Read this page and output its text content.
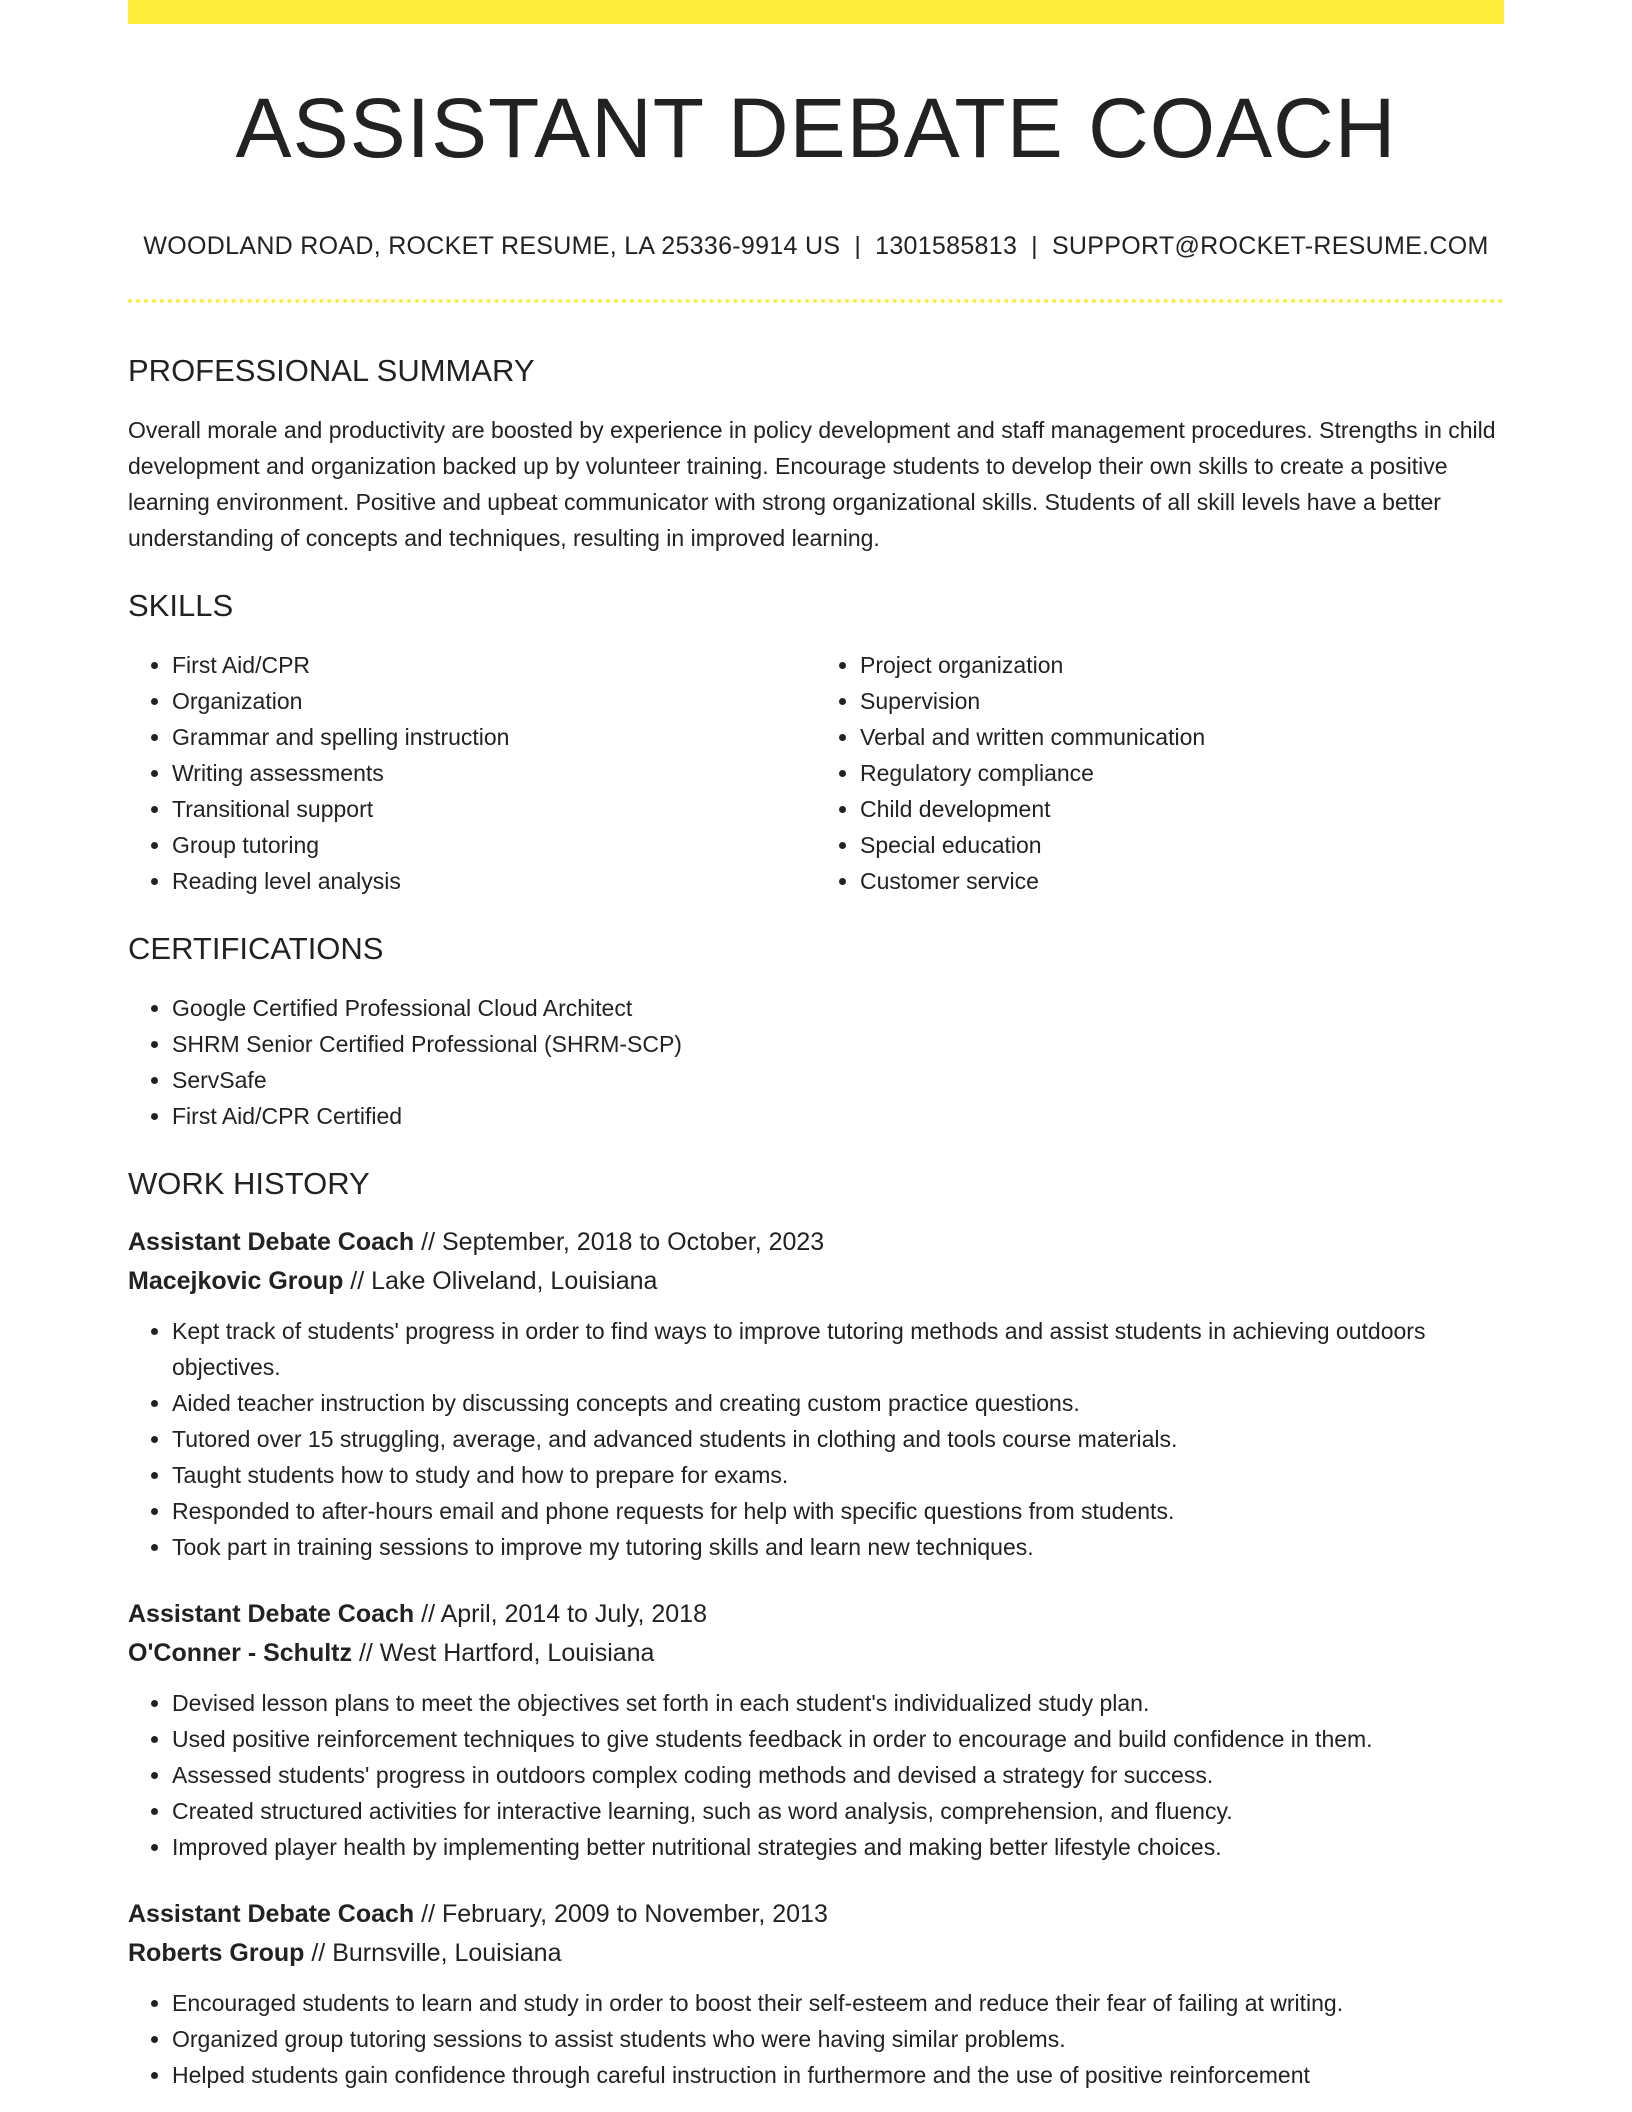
ASSISTANT DEBATE COACH
WOODLAND ROAD, ROCKET RESUME, LA 25336-9914 US | 1301585813 | SUPPORT@ROCKET-RESUME.COM
PROFESSIONAL SUMMARY

Overall morale and productivity are boosted by experience in policy development and staff management procedures. Strengths in child development and organization backed up by volunteer training. Encourage students to develop their own skills to create a positive learning environment. Positive and upbeat communicator with strong organizational skills. Students of all skill levels have a better understanding of concepts and techniques, resulting in improved learning.

SKILLS
• First Aid/CPR
• Organization
• Grammar and spelling instruction
• Writing assessments
• Transitional support
• Group tutoring
• Reading level analysis
• Project organization
• Supervision
• Verbal and written communication
• Regulatory compliance
• Child development
• Special education
• Customer service
CERTIFICATIONS
• Google Certified Professional Cloud Architect
• SHRM Senior Certified Professional (SHRM-SCP)
• ServSafe
• First Aid/CPR Certified
WORK HISTORY
Assistant Debate Coach // September, 2018 to October, 2023
Macejkovic Group // Lake Oliveland, Louisiana
• Kept track of students' progress in order to find ways to improve tutoring methods and assist students in achieving outdoors objectives.
• Aided teacher instruction by discussing concepts and creating custom practice questions.
• Tutored over 15 struggling, average, and advanced students in clothing and tools course materials.
• Taught students how to study and how to prepare for exams.
• Responded to after-hours email and phone requests for help with specific questions from students.
• Took part in training sessions to improve my tutoring skills and learn new techniques.
Assistant Debate Coach // April, 2014 to July, 2018
O'Conner - Schultz // West Hartford, Louisiana
• Devised lesson plans to meet the objectives set forth in each student's individualized study plan.
• Used positive reinforcement techniques to give students feedback in order to encourage and build confidence in them.
• Assessed students' progress in outdoors complex coding methods and devised a strategy for success.
• Created structured activities for interactive learning, such as word analysis, comprehension, and fluency.
• Improved player health by implementing better nutritional strategies and making better lifestyle choices.
Assistant Debate Coach // February, 2009 to November, 2013
Roberts Group // Burnsville, Louisiana
• Encouraged students to learn and study in order to boost their self-esteem and reduce their fear of failing at writing.
• Organized group tutoring sessions to assist students who were having similar problems.
• Helped students gain confidence through careful instruction in furthermore and the use of positive reinforcement
